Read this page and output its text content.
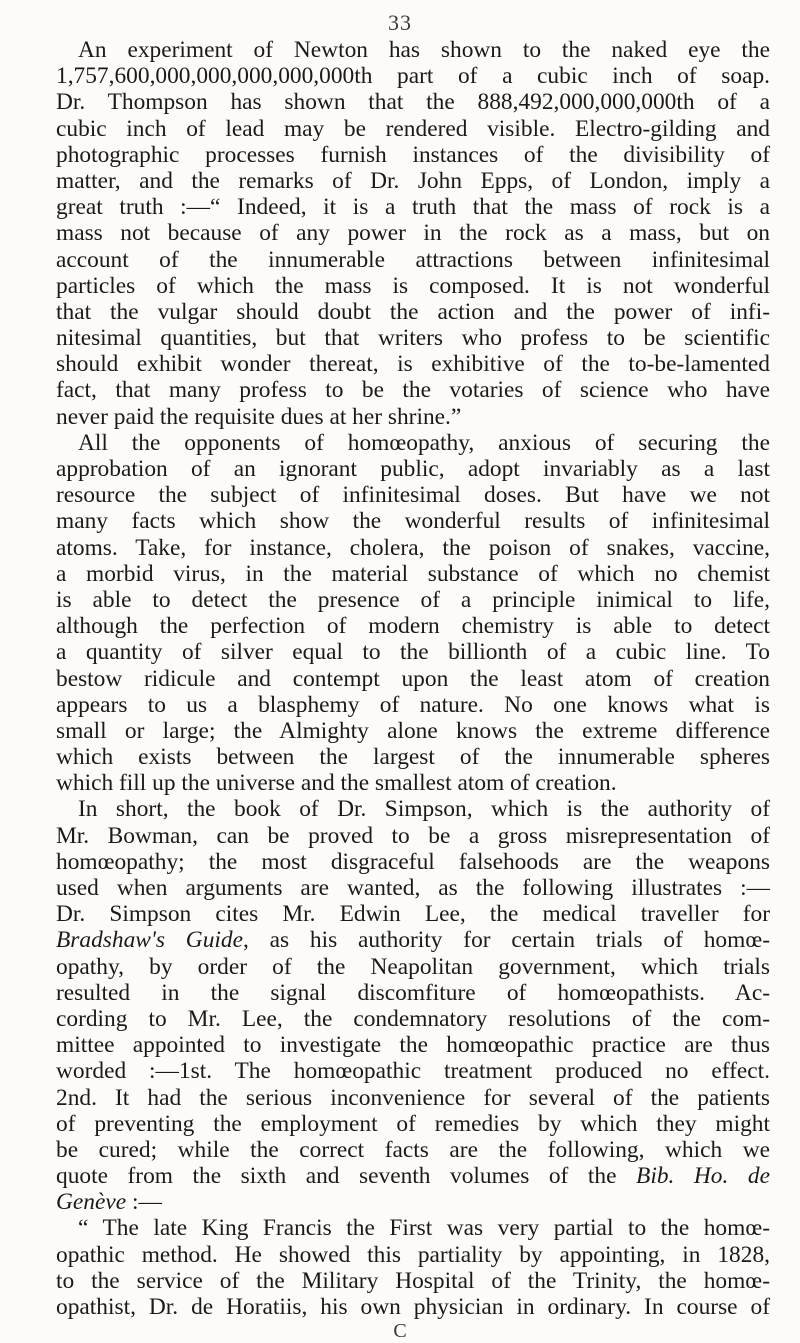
33
An experiment of Newton has shown to the naked eye the
1,757,600,000,000,000,000,000th part of a cubic inch of soap.
Dr. Thompson has shown that the 888,492,000,000,000th of a
cubic inch of lead may be rendered visible. Electro-gilding and
photographic processes furnish instances of the divisibility of
matter, and the remarks of Dr. John Epps, of London, imply a
great truth :—“ Indeed, it is a truth that the mass of rock is a
mass not because of any power in the rock as a mass, but on
account of the innumerable attractions between infinitesimal
particles of which the mass is composed. It is not wonderful
that the vulgar should doubt the action and the power of infi-
nitesimal quantities, but that writers who profess to be scientific
should exhibit wonder thereat, is exhibitive of the to-be-lamented
fact, that many profess to be the votaries of science who have
never paid the requisite dues at her shrine.”
All the opponents of homœopathy, anxious of securing the
approbation of an ignorant public, adopt invariably as a last
resource the subject of infinitesimal doses. But have we not
many facts which show the wonderful results of infinitesimal
atoms. Take, for instance, cholera, the poison of snakes, vaccine,
a morbid virus, in the material substance of which no chemist
is able to detect the presence of a principle inimical to life,
although the perfection of modern chemistry is able to detect
a quantity of silver equal to the billionth of a cubic line. To
bestow ridicule and contempt upon the least atom of creation
appears to us a blasphemy of nature. No one knows what is
small or large; the Almighty alone knows the extreme difference
which exists between the largest of the innumerable spheres
which fill up the universe and the smallest atom of creation.
In short, the book of Dr. Simpson, which is the authority of
Mr. Bowman, can be proved to be a gross misrepresentation of
homœopathy; the most disgraceful falsehoods are the weapons
used when arguments are wanted, as the following illustrates :—
Dr. Simpson cites Mr. Edwin Lee, the medical traveller for
Bradshaw's Guide, as his authority for certain trials of homœ-
opathy, by order of the Neapolitan government, which trials
resulted in the signal discomfiture of homœopathists. Ac-
cording to Mr. Lee, the condemnatory resolutions of the com-
mittee appointed to investigate the homœopathic practice are thus
worded :—1st. The homœopathic treatment produced no effect.
2nd. It had the serious inconvenience for several of the patients
of preventing the employment of remedies by which they might
be cured; while the correct facts are the following, which we
quote from the sixth and seventh volumes of the Bib. Ho. de
Genève :—
“ The late King Francis the First was very partial to the homœ-
opathic method. He showed this partiality by appointing, in 1828,
to the service of the Military Hospital of the Trinity, the homœ-
opathist, Dr. de Horatiis, his own physician in ordinary. In course of
C
